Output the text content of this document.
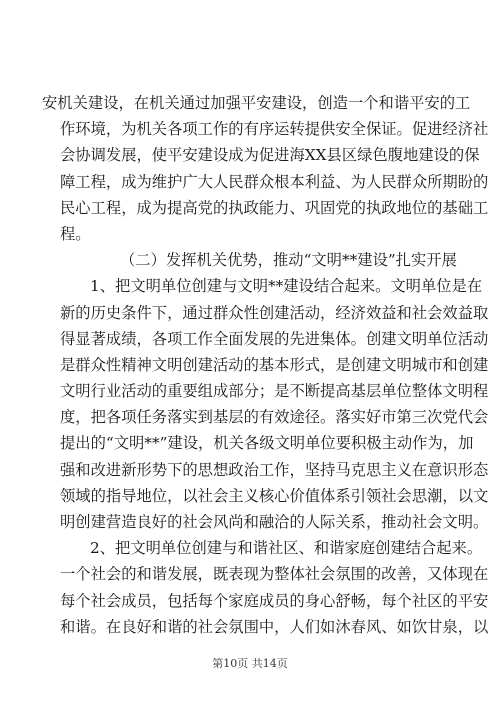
安机关建设，在机关通过加强平安建设，创造一个和谐平安的工
作环境，为机关各项工作的有序运转提供安全保证。促进经济社
会协调发展，使平安建设成为促进海XX县区绿色腹地建设的保
障工程，成为维护广大人民群众根本利益、为人民群众所期盼的
民心工程，成为提高党的执政能力、巩固党的执政地位的基础工
程。
（二）发挥机关优势，推动“文明**建设”扎实开展
1、把文明单位创建与文明**建设结合起来。文明单位是在
新的历史条件下，通过群众性创建活动，经济效益和社会效益取
得显著成绩，各项工作全面发展的先进集体。创建文明单位活动
是群众性精神文明创建活动的基本形式，是创建文明城市和创建
文明行业活动的重要组成部分；是不断提高基层单位整体文明程
度，把各项任务落实到基层的有效途径。落实好市第三次党代会
提出的“文明**”建设，机关各级文明单位要积极主动作为，加
强和改进新形势下的思想政治工作，坚持马克思主义在意识形态
领域的指导地位，以社会主义核心价值体系引领社会思潮，以文
明创建营造良好的社会风尚和融洽的人际关系，推动社会文明。
2、把文明单位创建与和谐社区、和谐家庭创建结合起来。
一个社会的和谐发展，既表现为整体社会氛围的改善，又体现在
每个社会成员，包括每个家庭成员的身心舒畅，每个社区的平安
和谐。在良好和谐的社会氛围中，人们如沐春风、如饮甘泉，以
第10页 共14页
